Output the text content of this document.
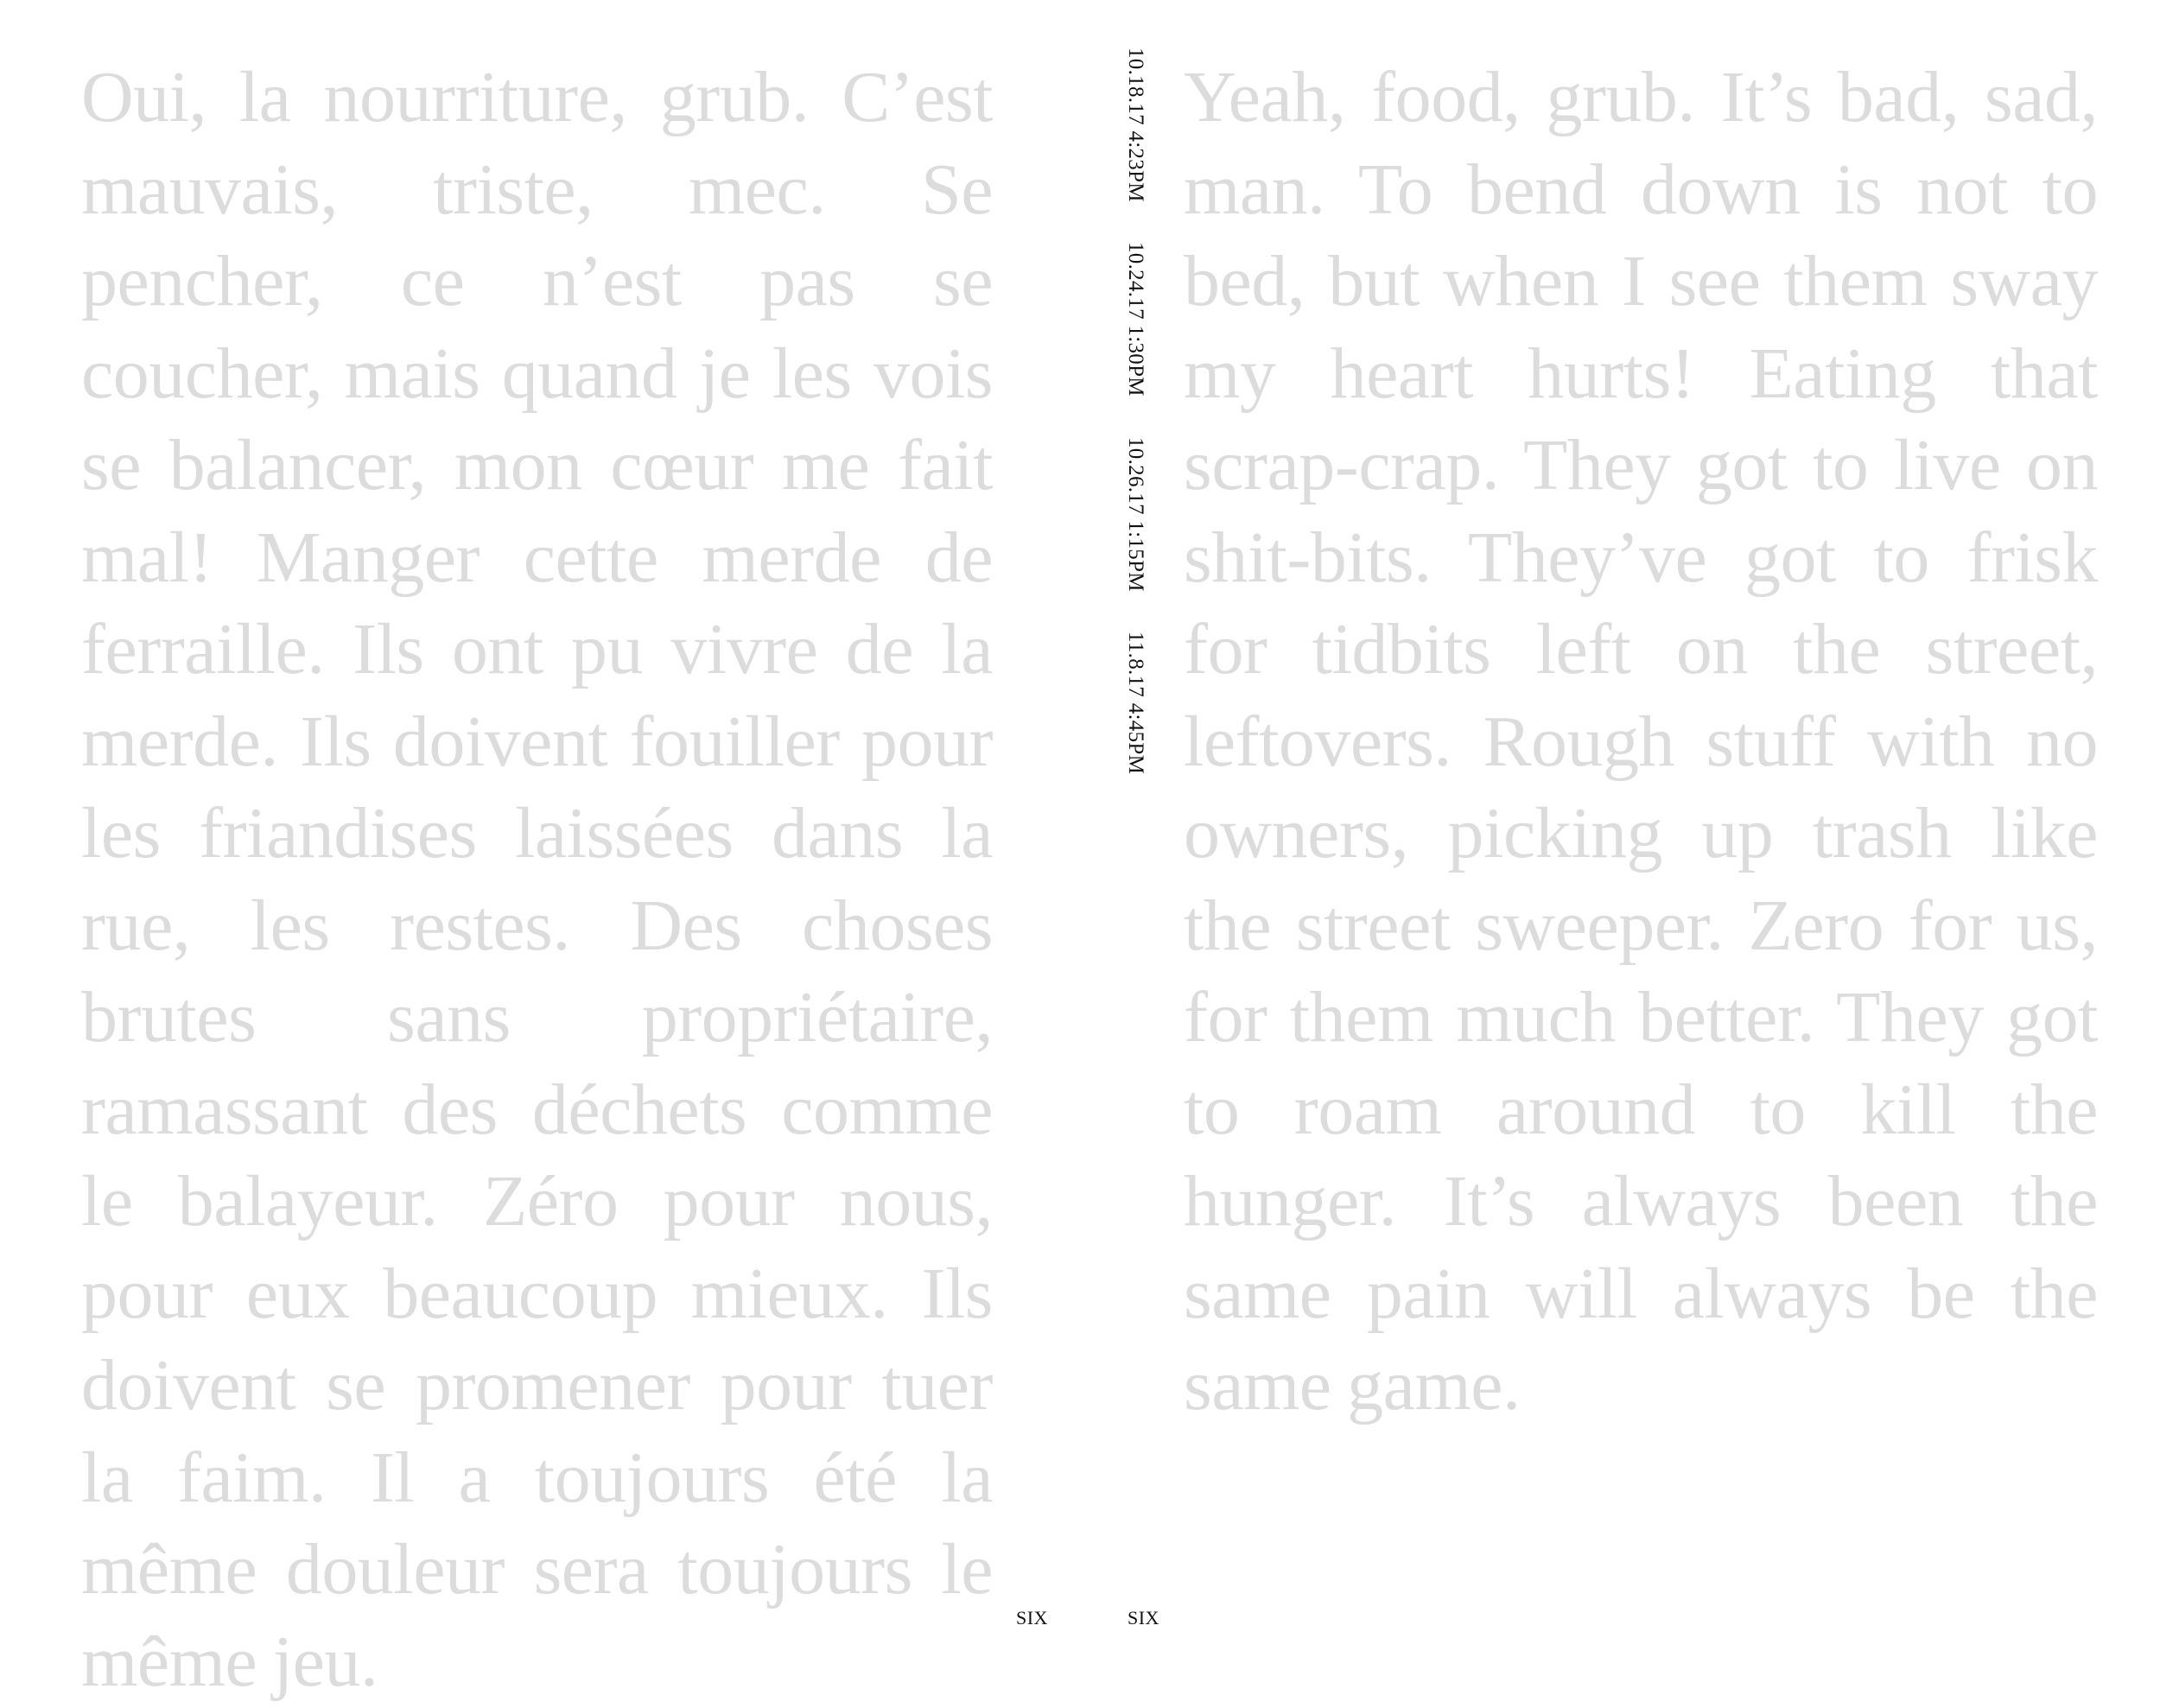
Oui, la nourriture, grub. C’est mauvais, triste, mec. Se pencher, ce n’est pas se coucher, mais quand je les vois se balancer, mon cœur me fait mal! Manger cette merde de ferraille. Ils ont pu vivre de la merde. Ils doivent fouiller pour les friandises laissées dans la rue, les restes. Des choses brutes sans propriétaire, ramassant des déchets comme le balayeur. Zéro pour nous, pour eux beaucoup mieux. Ils doivent se promener pour tuer la faim. Il a toujours été la même douleur sera toujours le même jeu.

Yeah, food, grub. It’s bad, sad, man. To bend down is not to bed, but when I see them sway my heart hurts! Eating that scrap-crap. They got to live on shit-bits. They’ve got to frisk for tidbits left on the street, leftovers. Rough stuff with no owners, picking up trash like the street sweeper. Zero for us, for them much better. They got to roam around to kill the hunger. It’s always been the same pain will always be the same game.

10.18.17 4:23PM 10.24.17 1:30PM 10.26.17 1:15PM 11.8.17 4:45PM
SIX	SIX
